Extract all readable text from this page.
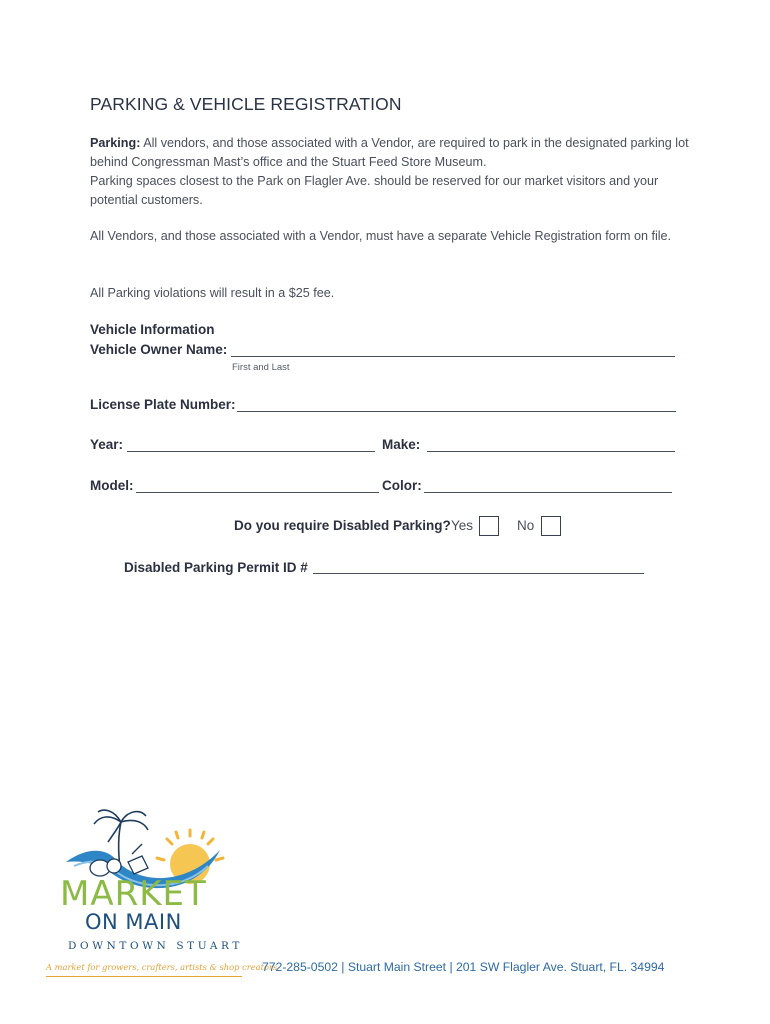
PARKING & VEHICLE REGISTRATION
Parking: All vendors, and those associated with a Vendor, are required to park in the designated parking lot behind Congressman Mast’s office and the Stuart Feed Store Museum.
Parking spaces closest to the Park on Flagler Ave. should be reserved for our market visitors and your potential customers.
All Vendors, and those associated with a Vendor, must have a separate Vehicle Registration form on file.
All Parking violations will result in a $25 fee.
Vehicle Information
Vehicle Owner Name:
First and Last
License Plate Number:
Year:	Make:
Model:	Color:
Do you require Disabled Parking? Yes	No
Disabled Parking Permit ID #
MARKET
ON MAIN
DOWNTOWN STUART
A market for growers, crafters, artists & shop creators
772-285-0502 | Stuart Main Street | 201 SW Flagler Ave. Stuart, FL. 34994
